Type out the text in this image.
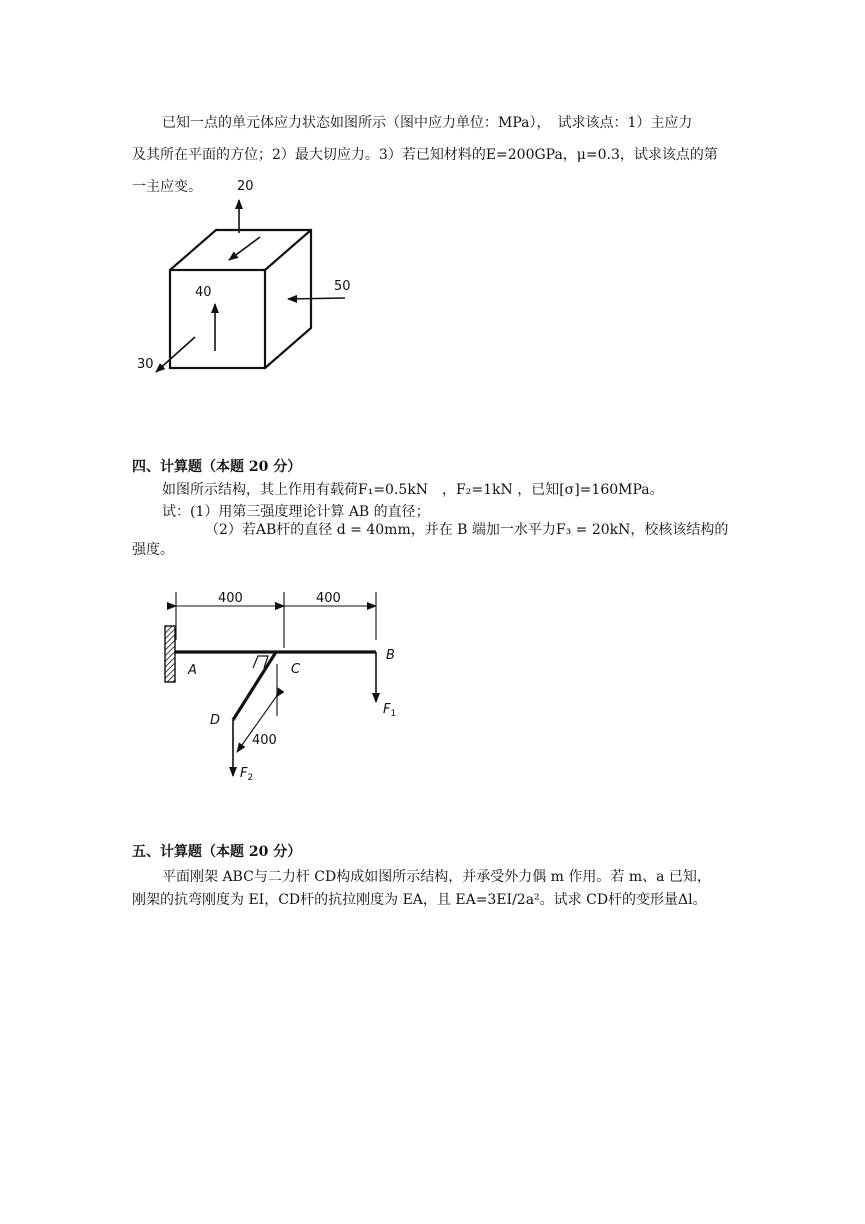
已知一点的单元体应力状态如图所示（图中应力单位：MPa），　试求该点：1）主应力
及其所在平面的方位；2）最大切应力。3）若已知材料的E=200GPa，μ=0.3，试求该点的第
一主应变。	20
50
40
30
400	400
400
A
B
C
D
F1
F2
四、计算题（本题 20 分）
如图所示结构，其上作用有载荷F₁=0.5kN　，F₂=1kN ，已知[σ]=160MPa。
试：(1）用第三强度理论计算 AB 的直径；
（2）若AB杆的直径 d = 40mm，并在 B 端加一水平力F₃ = 20kN，校核该结构的
强度。
五、计算题（本题 20 分）
平面刚架 ABC与二力杆 CD构成如图所示结构，并承受外力偶 m 作用。若 m、a 已知，
刚架的抗弯刚度为 EI，CD杆的抗拉刚度为 EA，且 EA=3EI/2a²。试求 CD杆的变形量Δl。
